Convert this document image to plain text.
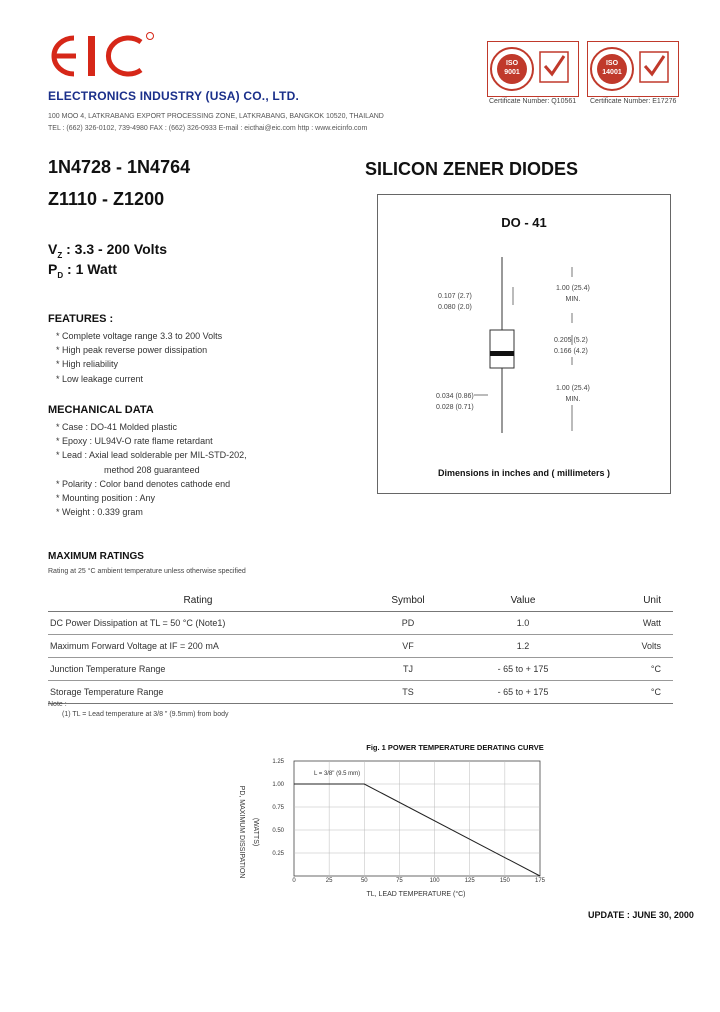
ELECTRONICS INDUSTRY (USA) CO., LTD.
100 MOO 4, LATKRABANG EXPORT PROCESSING ZONE, LATKRABANG, BANGKOK 10520, THAILAND
TEL : (662) 326-0102, 739-4980 FAX : (662) 326-0933 E-mail : eicthai@eic.com http : www.eicinfo.com
ISO
9001
Certificate Number: Q10561
ISO
14001
Certificate Number: E17276
1N4728 - 1N4764
Z1110 - Z1200
SILICON ZENER DIODES
$V_Z$ : 3.3 - 200 Volts
$P_D$ : 1 Watt
FEATURES :
* Complete voltage range 3.3 to 200 Volts
* High peak reverse power dissipation
* High reliability
* Low leakage current
MECHANICAL DATA
* Case : DO-41 Molded plastic
* Epoxy : UL94V-O rate flame retardant
* Lead : Axial lead solderable per MIL-STD-202,
method 208 guaranteed
* Polarity : Color band denotes cathode end
* Mounting position : Any
* Weight : 0.339 gram
DO - 41
0.107 (2.7)
0.080 (2.0)
1.00 (25.4)
MIN.
0.205 (5.2)
0.166 (4.2)
0.034 (0.86)
0.028 (0.71)
1.00 (25.4)
MIN.
Dimensions in inches and ( millimeters )
MAXIMUM RATINGS
Rating at 25 °C ambient temperature unless otherwise specified
Rating	Symbol	Value	Unit
DC Power Dissipation at TL = 50 °C (Note1)	PD	1.0	Watt
Maximum Forward Voltage at IF = 200 mA	VF	1.2	Volts
Junction Temperature Range	TJ	- 65 to + 175	°C
Storage Temperature Range	TS	- 65 to + 175	°C
Note :
(1) TL = Lead temperature at 3/8 " (9.5mm) from body
Fig. 1 POWER TEMPERATURE DERATING CURVE
0.25
0.50
0.75
1.00
1.25
0	25	50	75	100	125	150	175
L = 3/8" (9.5 mm)
PD, MAXIMUM DISSIPATION (WATTS)
TL, LEAD TEMPERATURE (°C)
UPDATE : JUNE 30, 2000
